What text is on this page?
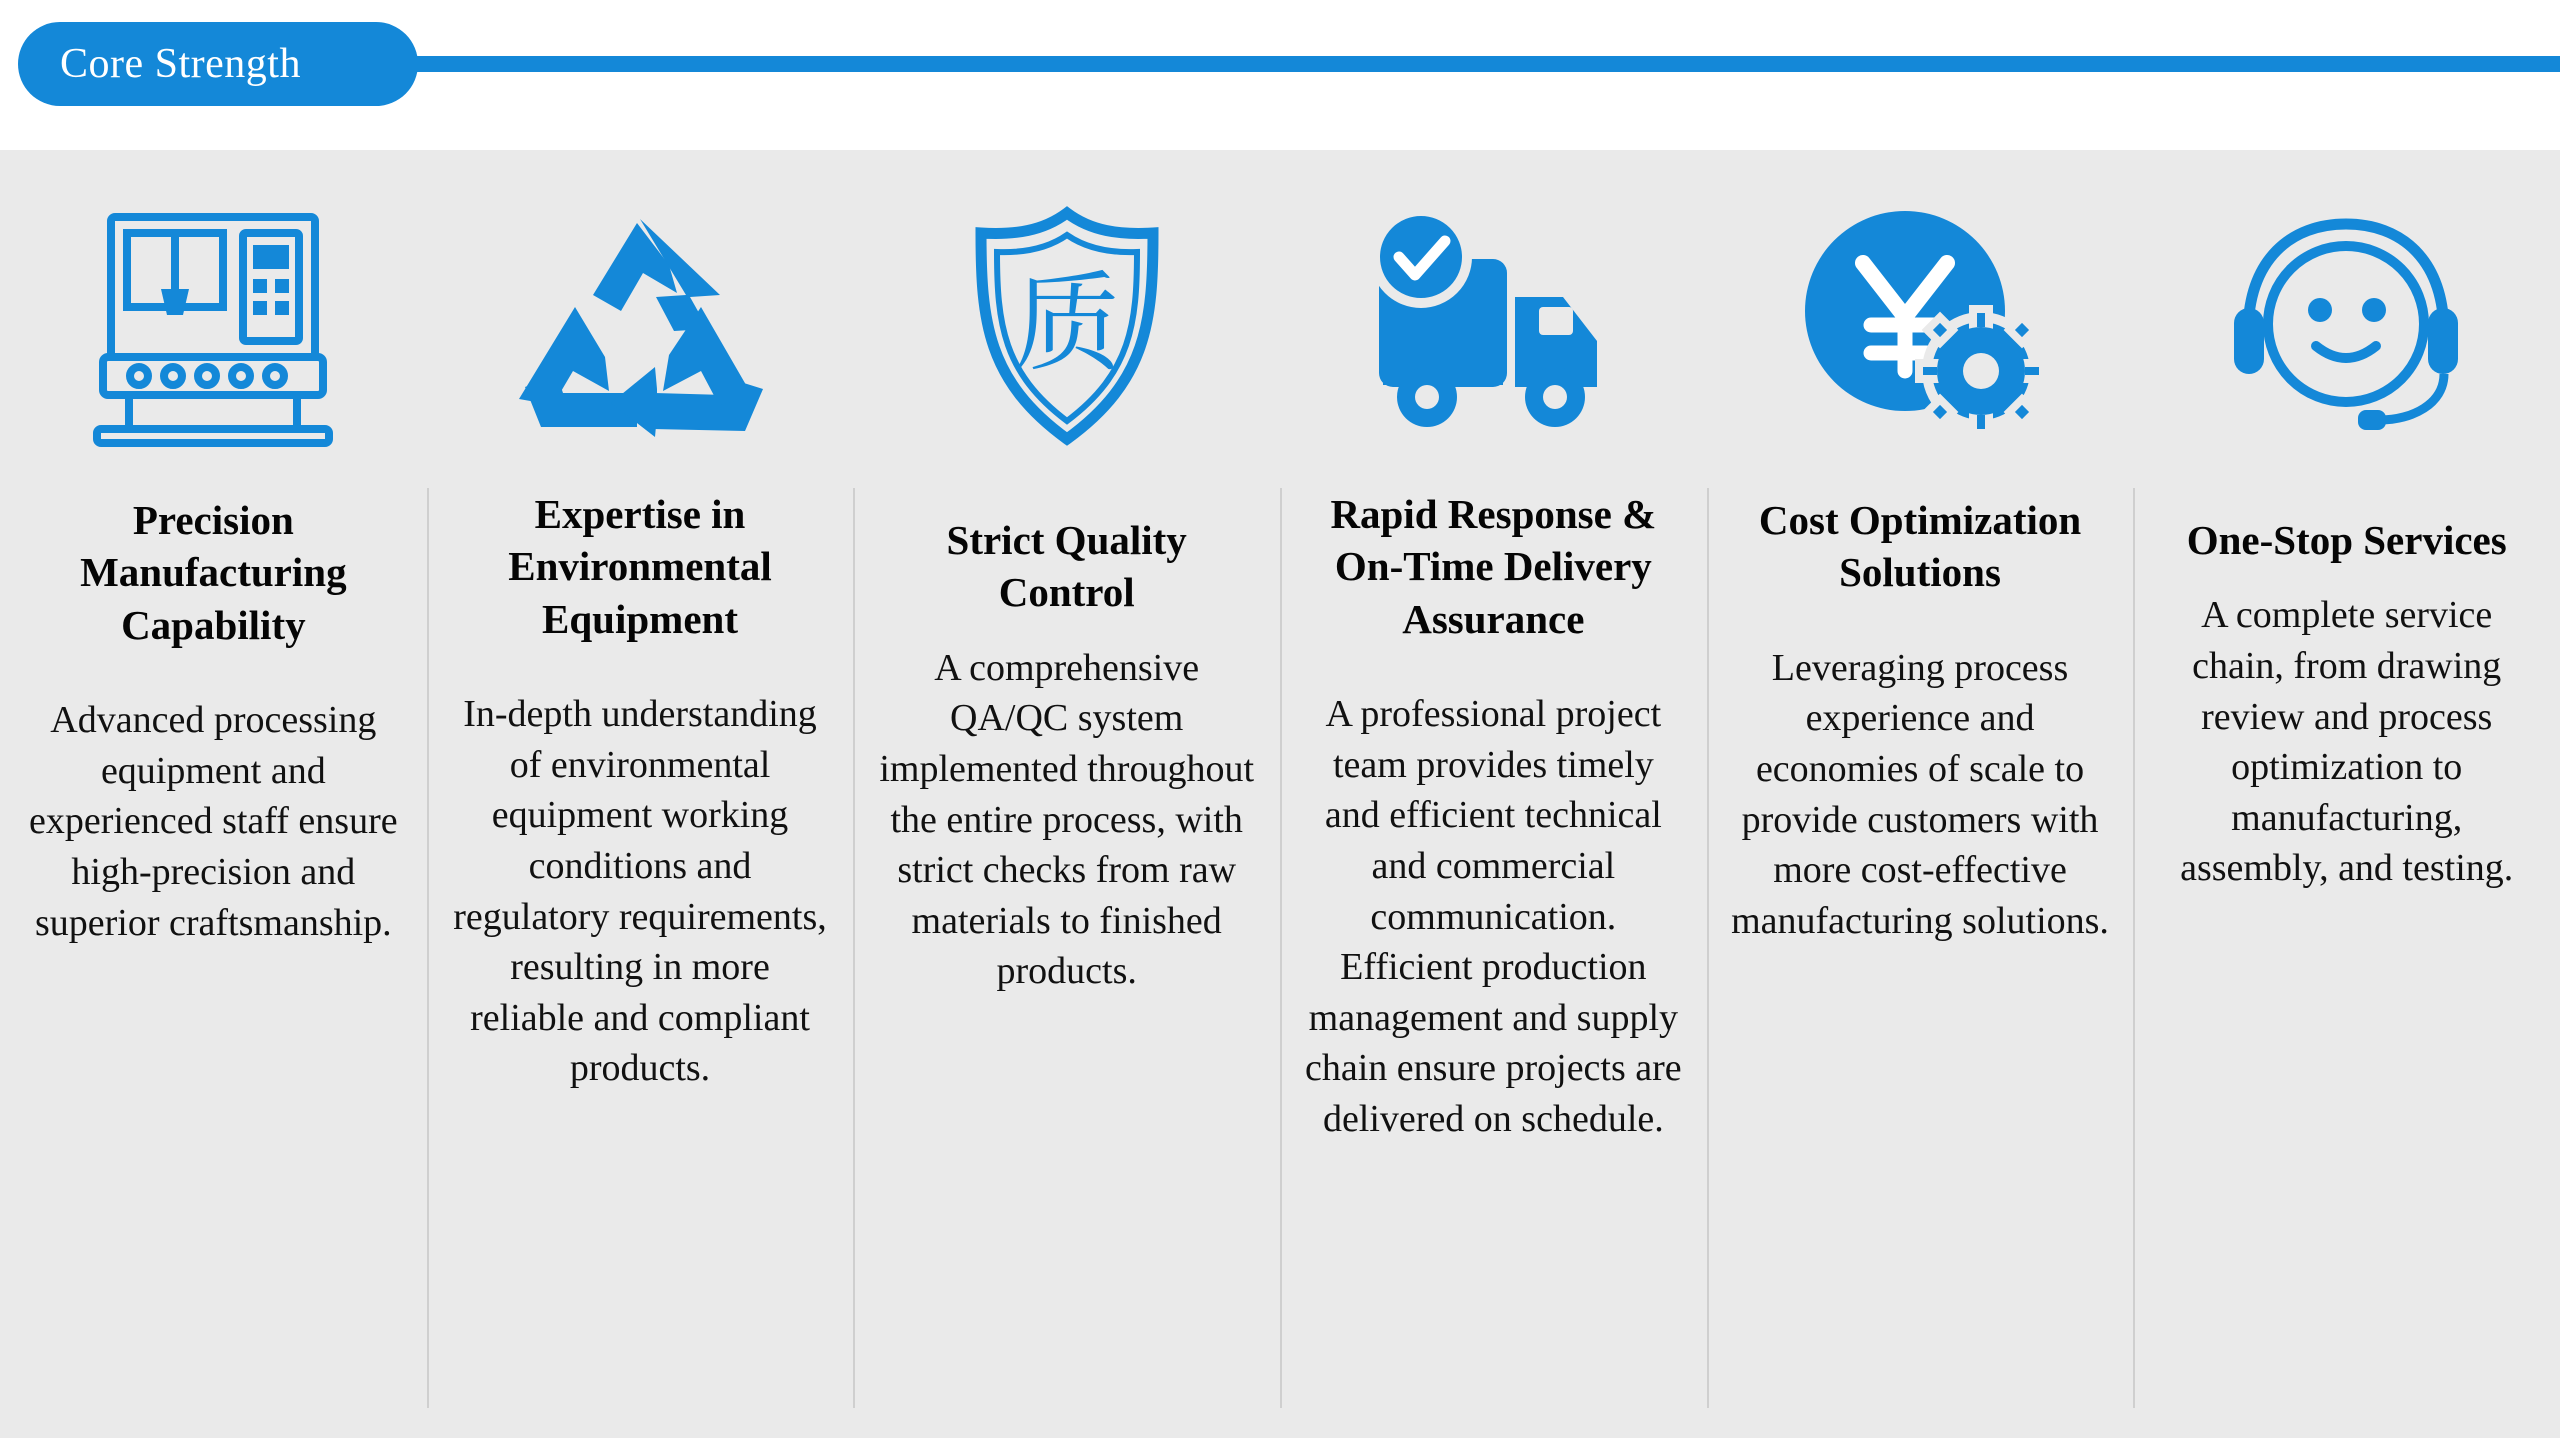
Core Strength
Precision Manufacturing Capability
Advanced processing equipment and experienced staff ensure high-precision and superior craftsmanship.
Expertise in Environmental Equipment
In-depth understanding of environmental equipment working conditions and regulatory requirements, resulting in more reliable and compliant products.
质
Strict Quality Control
A comprehensive QA/QC system implemented throughout the entire process, with strict checks from raw materials to finished products.
Rapid Response & On-Time Delivery Assurance
A professional project team provides timely and efficient technical and commercial communication. Efficient production management and supply chain ensure projects are delivered on schedule.
Cost Optimization Solutions
Leveraging process experience and economies of scale to provide customers with more cost-effective manufacturing solutions.
One-Stop Services
A complete service chain, from drawing review and process optimization to manufacturing, assembly, and testing.
